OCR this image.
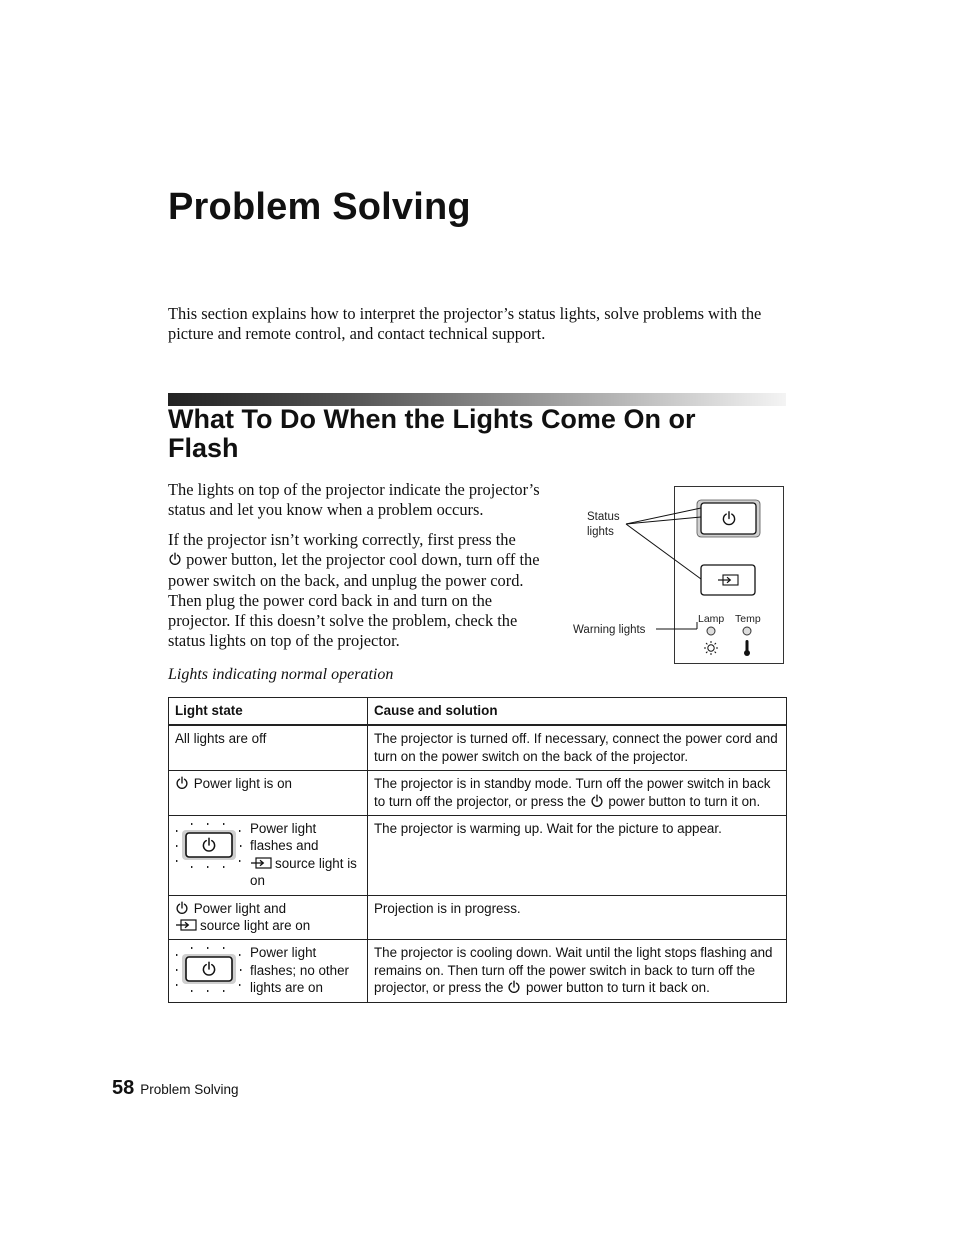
Problem Solving

This section explains how to interpret the projector’s status lights, solve problems with the picture and remote control, and contact technical support.

What To Do When the Lights Come On or Flash

The lights on top of the projector indicate the projector’s status and let you know when a problem occurs.

If the projector isn’t working correctly, first press the
power button, let the projector cool down, turn off the power switch on the back, and unplug the power cord. Then plug the power cord back in and turn on the projector. If this doesn’t solve the problem, check the status lights on top of the projector.

Status
lights
Warning lights
Lamp Temp

Lights indicating normal operation

Light state	Cause and solution
All lights are off	The projector is turned off. If necessary, connect the power cord and turn on the power switch on the back of the projector.
Power light is on	The projector is in standby mode. Turn off the power switch in back to turn off the projector, or press the power button to turn it on.

Power light flashes and
source light is on	The projector is warming up. Wait for the picture to appear.
Power light and
source light are on	Projection is in progress.

Power light flashes; no other lights are on	The projector is cooling down. Wait until the light stops flashing and remains on. Then turn off the power switch in back to turn off the projector, or press the power button to turn it back on.
58 Problem Solving
